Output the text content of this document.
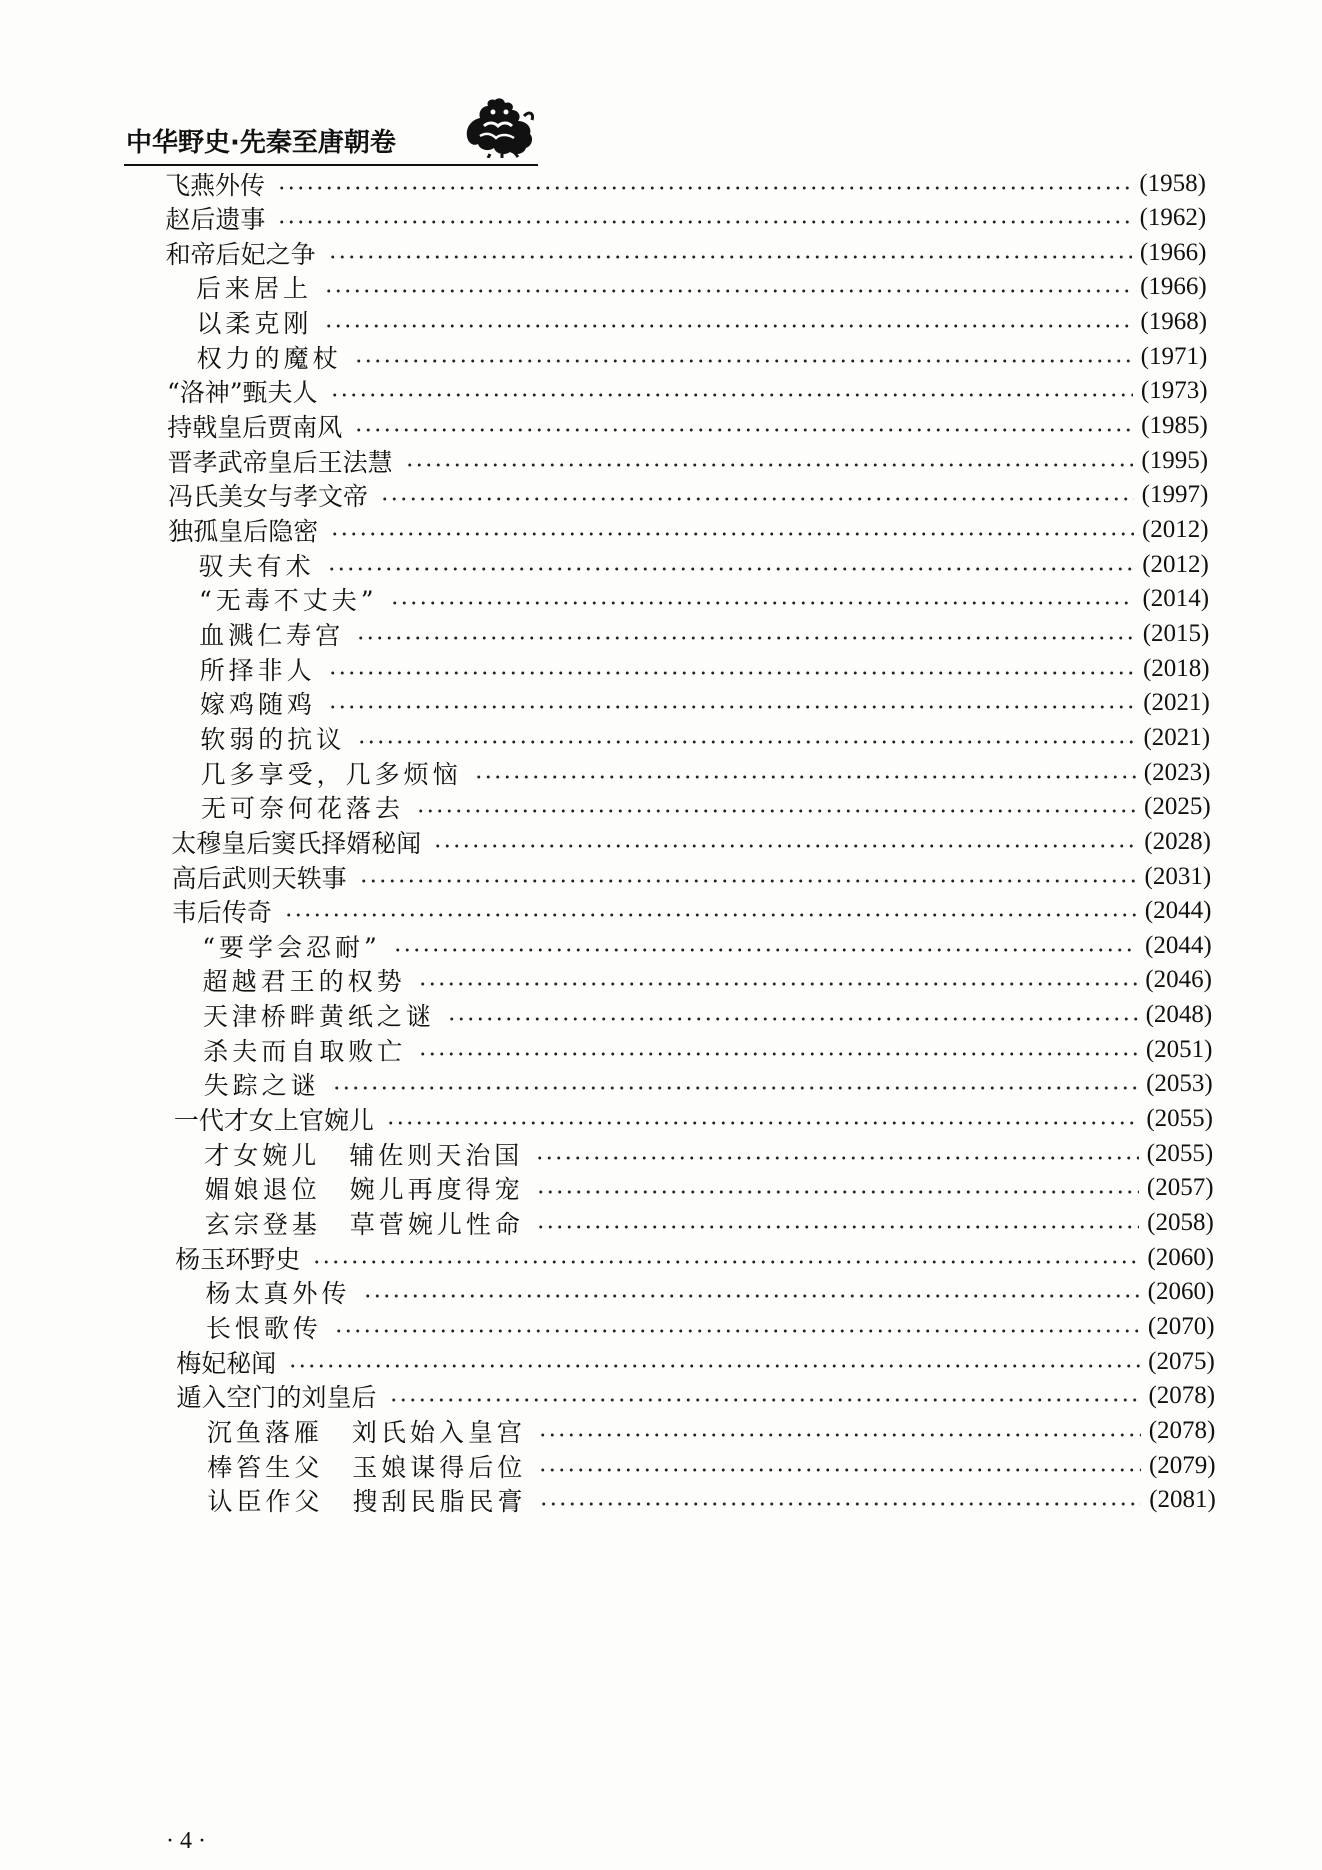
中华野史·先秦至唐朝卷
飞燕外传	(1958)
赵后遗事	(1962)
和帝后妃之争	(1966)
后来居上	(1966)
以柔克刚	(1968)
权力的魔杖	(1971)
“洛神”甄夫人	(1973)
持戟皇后贾南风	(1985)
晋孝武帝皇后王法慧	(1995)
冯氏美女与孝文帝	(1997)
独孤皇后隐密	(2012)
驭夫有术	(2012)
“无毒不丈夫”	(2014)
血溅仁寿宫	(2015)
所择非人	(2018)
嫁鸡随鸡	(2021)
软弱的抗议	(2021)
几多享受，几多烦恼	(2023)
无可奈何花落去	(2025)
太穆皇后窦氏择婿秘闻	(2028)
高后武则天轶事	(2031)
韦后传奇	(2044)
“要学会忍耐”	(2044)
超越君王的权势	(2046)
天津桥畔黄纸之谜	(2048)
杀夫而自取败亡	(2051)
失踪之谜	(2053)
一代才女上官婉儿	(2055)
才女婉儿　辅佐则天治国	(2055)
媚娘退位　婉儿再度得宠	(2057)
玄宗登基　草菅婉儿性命	(2058)
杨玉环野史	(2060)
杨太真外传	(2060)
长恨歌传	(2070)
梅妃秘闻	(2075)
遁入空门的刘皇后	(2078)
沉鱼落雁　刘氏始入皇宫	(2078)
棒笞生父　玉娘谋得后位	(2079)
认臣作父　搜刮民脂民膏	(2081)
· 4 ·
